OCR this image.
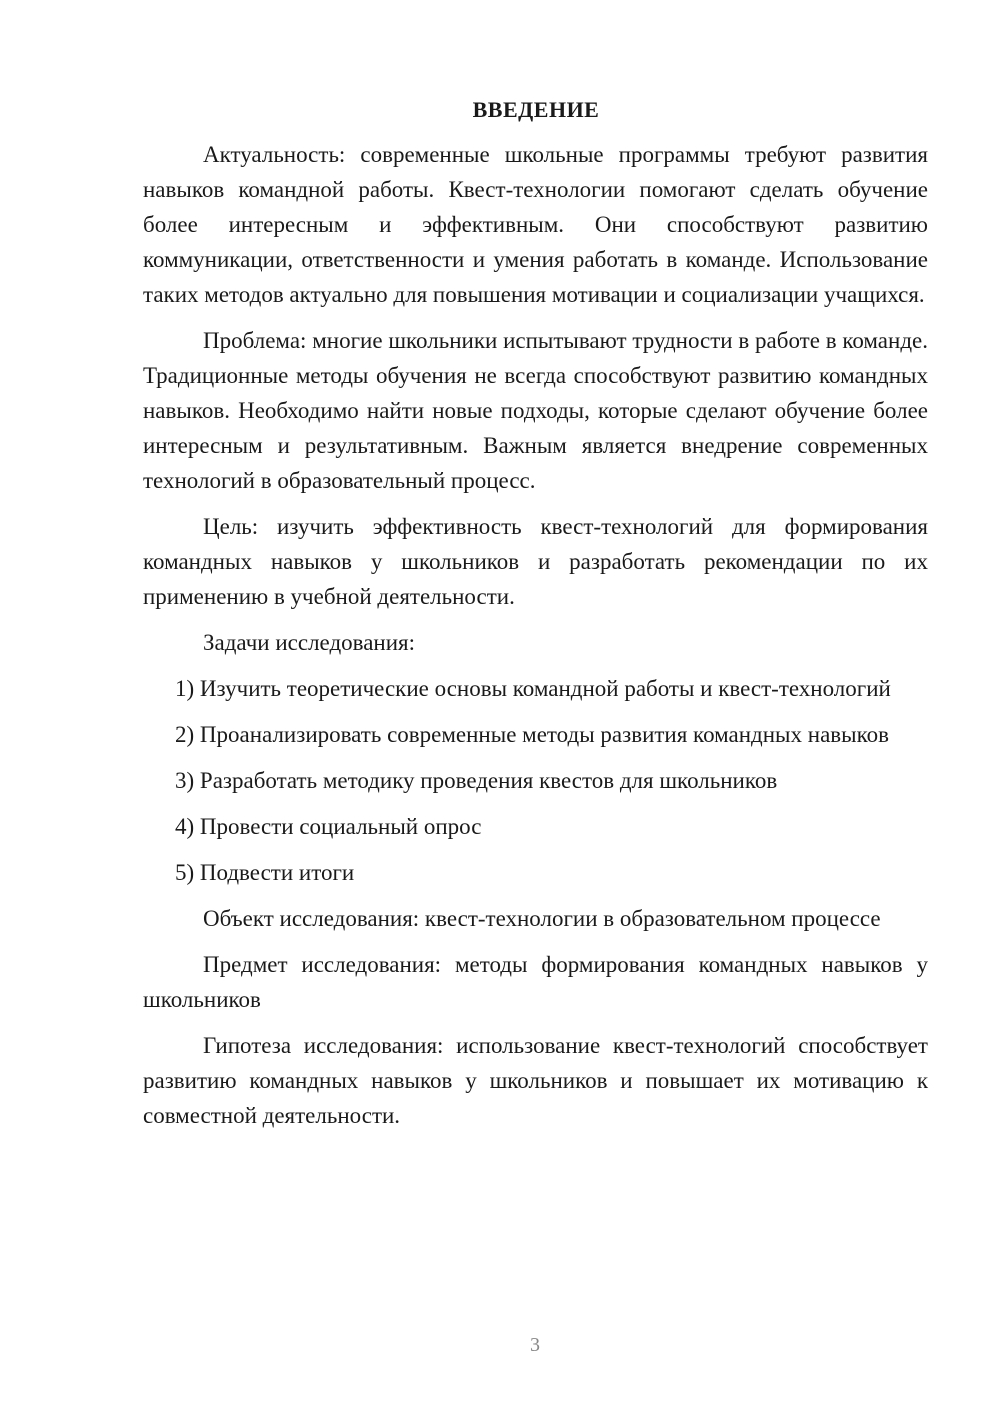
ВВЕДЕНИЕ

Актуальность: современные школьные программы требуют развития навыков командной работы. Квест-технологии помогают сделать обучение более интересным и эффективным. Они способствуют развитию коммуникации, ответственности и умения работать в команде. Использование таких методов актуально для повышения мотивации и социализации учащихся.

Проблема: многие школьники испытывают трудности в работе в команде. Традиционные методы обучения не всегда способствуют развитию командных навыков. Необходимо найти новые подходы, которые сделают обучение более интересным и результативным. Важным является внедрение современных технологий в образовательный процесс.

Цель: изучить эффективность квест-технологий для формирования командных навыков у школьников и разработать рекомендации по их применению в учебной деятельности.

Задачи исследования:

1) Изучить теоретические основы командной работы и квест-технологий

2) Проанализировать современные методы развития командных навыков

3) Разработать методику проведения квестов для школьников

4) Провести социальный опрос

5) Подвести итоги

Объект исследования: квест-технологии в образовательном процессе

Предмет исследования: методы формирования командных навыков у школьников

Гипотеза исследования: использование квест-технологий способствует развитию командных навыков у школьников и повышает их мотивацию к совместной деятельности.

3
